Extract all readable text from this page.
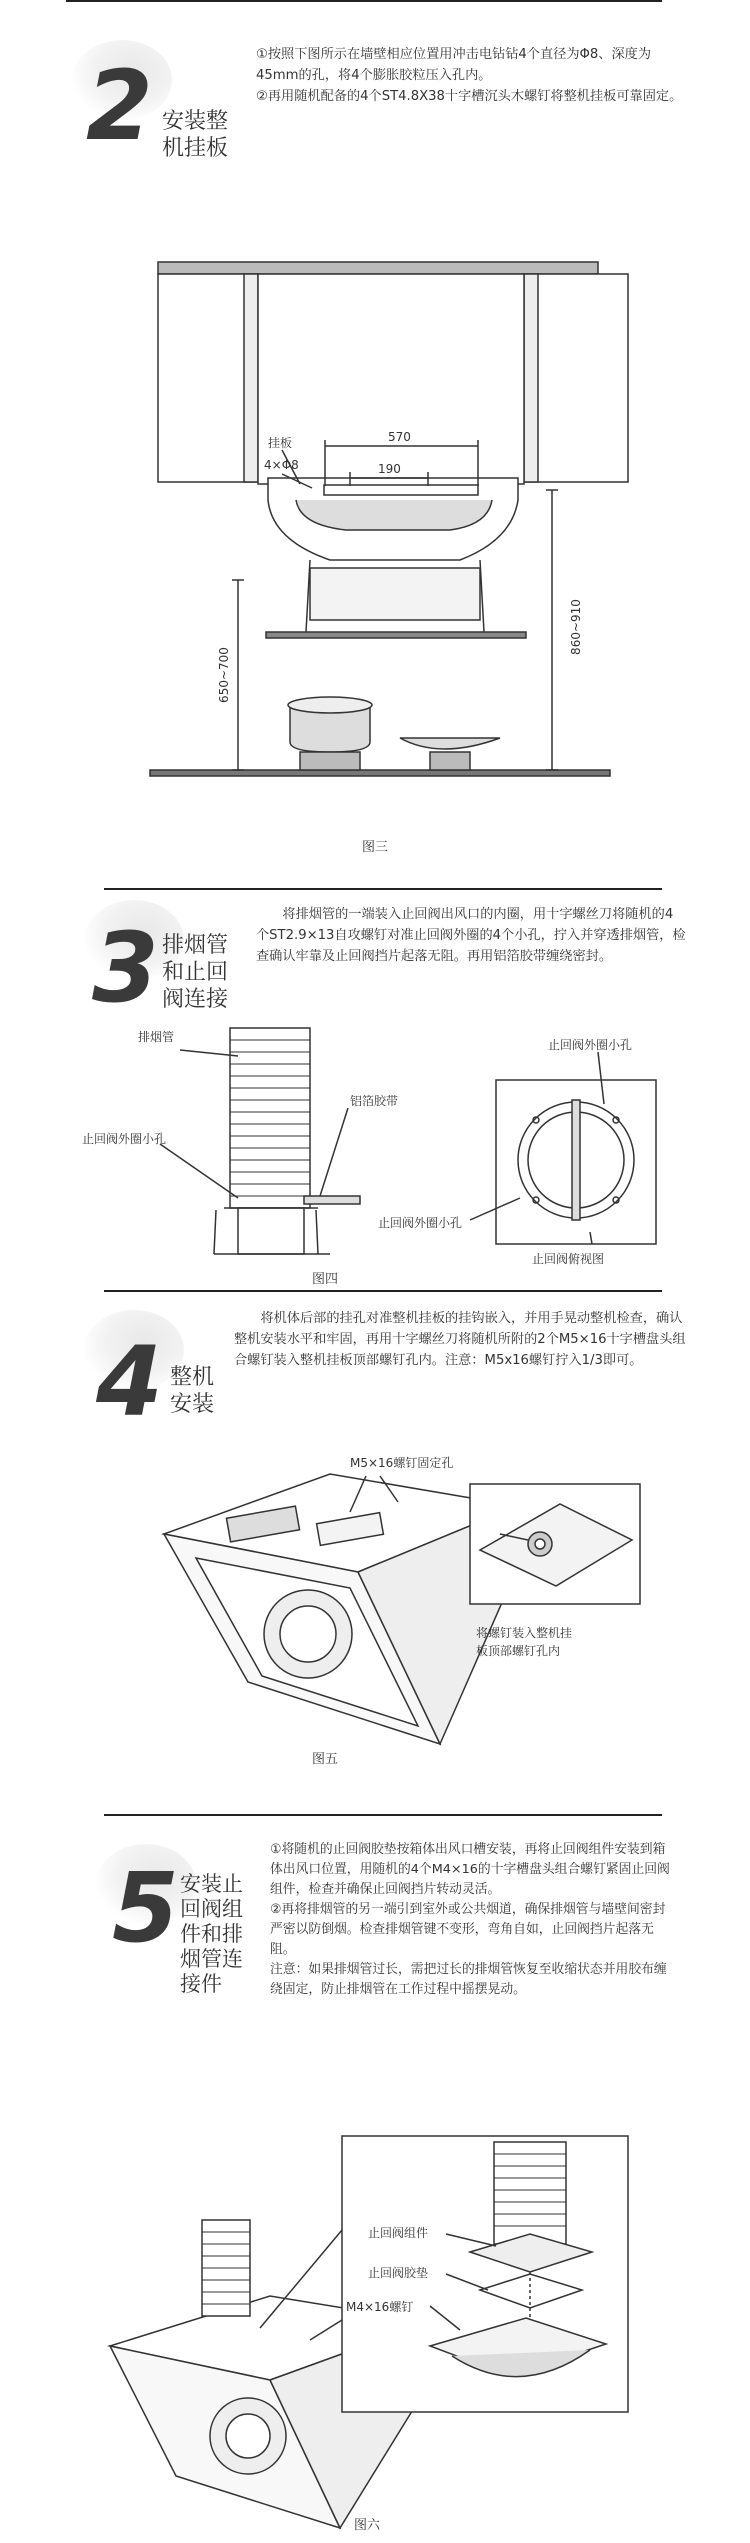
2 安装整
机挂板

①按照下图所示在墙壁相应位置用冲击电钻钻4个直径为Φ8、深度为45mm的孔，将4个膨胀胶粒压入孔内。

②再用随机配备的4个ST4.8X38十字槽沉头木螺钉将整机挂板可靠固定。

挂板
4×Φ8
570
190
650~700
860~910
图三
3 排烟管
和止回
阀连接

将排烟管的一端装入止回阀出风口的内圈，用十字螺丝刀将随机的4个ST2.9×13自攻螺钉对准止回阀外圈的4个小孔，拧入并穿透排烟管，检查确认牢靠及止回阀挡片起落无阻。再用铝箔胶带缠绕密封。

排烟管
止回阀外圈小孔
铝箔胶带
止回阀外圈小孔
止回阀外圈小孔
止回阀俯视图
图四
4 整机
安装

将机体后部的挂孔对准整机挂板的挂钩嵌入，并用手晃动整机检查，确认整机安装水平和牢固，再用十字螺丝刀将随机所附的2个M5×16十字槽盘头组合螺钉装入整机挂板顶部螺钉孔内。注意：M5x16螺钉拧入1/3即可。

M5×16螺钉固定孔
将螺钉装入整机挂
板顶部螺钉孔内
图五
5 安装止
回阀组
件和排
烟管连
接件

①将随机的止回阀胶垫按箱体出风口槽安装，再将止回阀组件安装到箱体出风口位置，用随机的4个M4×16的十字槽盘头组合螺钉紧固止回阀组件，检查并确保止回阀挡片转动灵活。

②再将排烟管的另一端引到室外或公共烟道，确保排烟管与墙壁间密封严密以防倒烟。检查排烟管键不变形，弯角自如，止回阀挡片起落无阻。

注意：如果排烟管过长，需把过长的排烟管恢复至收缩状态并用胶布缠绕固定，防止排烟管在工作过程中摇摆晃动。

止回阀组件
止回阀胶垫
M4×16螺钉
图六
